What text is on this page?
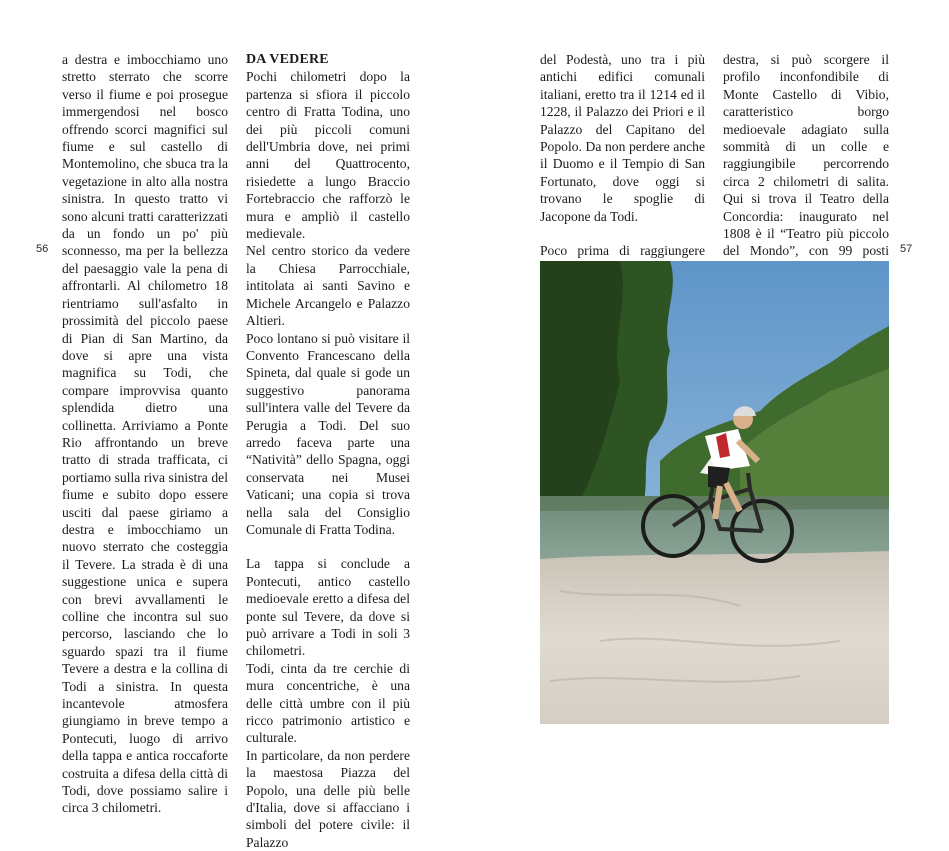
a destra e imbocchiamo uno stretto sterrato che scorre verso il fiume e poi prosegue immergendosi nel bosco offrendo scorci magnifici sul fiume e sul castello di Montemolino, che sbuca tra la vegetazione in alto alla nostra sinistra. In questo tratto vi sono alcuni tratti caratterizzati da un fondo un po' più sconnesso, ma per la bellezza del paesaggio vale la pena di affrontarli. Al chilometro 18 rientriamo sull'asfalto in prossimità del piccolo paese di Pian di San Martino, da dove si apre una vista magnifica su Todi, che compare improvvisa quanto splendida dietro una collinetta. Arriviamo a Ponte Rio affrontando un breve tratto di strada trafficata, ci portiamo sulla riva sinistra del fiume e subito dopo essere usciti dal paese giriamo a destra e imbocchiamo un nuovo sterrato che costeggia il Tevere. La strada è di una suggestione unica e supera con brevi avvallamenti le colline che incontra sul suo percorso, lasciando che lo sguardo spazi tra il fiume Tevere a destra e la collina di Todi a sinistra. In questa incantevole atmosfera giungiamo in breve tempo a Pontecuti, luogo di arrivo della tappa e antica roccaforte costruita a difesa della città di Todi, dove possiamo salire i circa 3 chilometri.

56

DA VEDERE

Pochi chilometri dopo la partenza si sfiora il piccolo centro di Fratta Todina, uno dei più piccoli comuni dell'Umbria dove, nei primi anni del Quattrocento, risiedette a lungo Braccio Fortebraccio che rafforzò le mura e ampliò il castello medievale.

Nel centro storico da vedere la Chiesa Parrocchiale, intitolata ai santi Savino e Michele Arcangelo e Palazzo Altieri.

Poco lontano si può visitare il Convento Francescano della Spineta, dal quale si gode un suggestivo panorama sull'intera valle del Tevere da Perugia a Todi. Del suo arredo faceva parte una “Natività” dello Spagna, oggi conservata nei Musei Vaticani; una copia si trova nella sala del Consiglio Comunale di Fratta Todina.

La tappa si conclude a Pontecuti, antico castello medioevale eretto a difesa del ponte sul Tevere, da dove si può arrivare a Todi in soli 3 chilometri.

Todi, cinta da tre cerchie di mura concentriche, è una delle città umbre con il più ricco patrimonio artistico e culturale.

In particolare, da non perdere la maestosa Piazza del Popolo, una delle più belle d'Italia, dove si affacciano i simboli del potere civile: il Palazzo

del Podestà, uno tra i più antichi edifici comunali italiani, eretto tra il 1214 ed il 1228, il Palazzo dei Priori e il Palazzo del Capitano del Popolo. Da non perdere anche il Duomo e il Tempio di San Fortunato, dove oggi si trovano le spoglie di Jacopone da Todi.

Poco prima di raggiungere

destra, si può scorgere il profilo inconfondibile di Monte Castello di Vibio, caratteristico borgo medioevale adagiato sulla sommità di un colle e raggiungibile percorrendo circa 2 chilometri di salita. Qui si trova il Teatro della Concordia: inaugurato nel 1808 è il “Teatro più piccolo del Mondo”, con 99 posti 57
